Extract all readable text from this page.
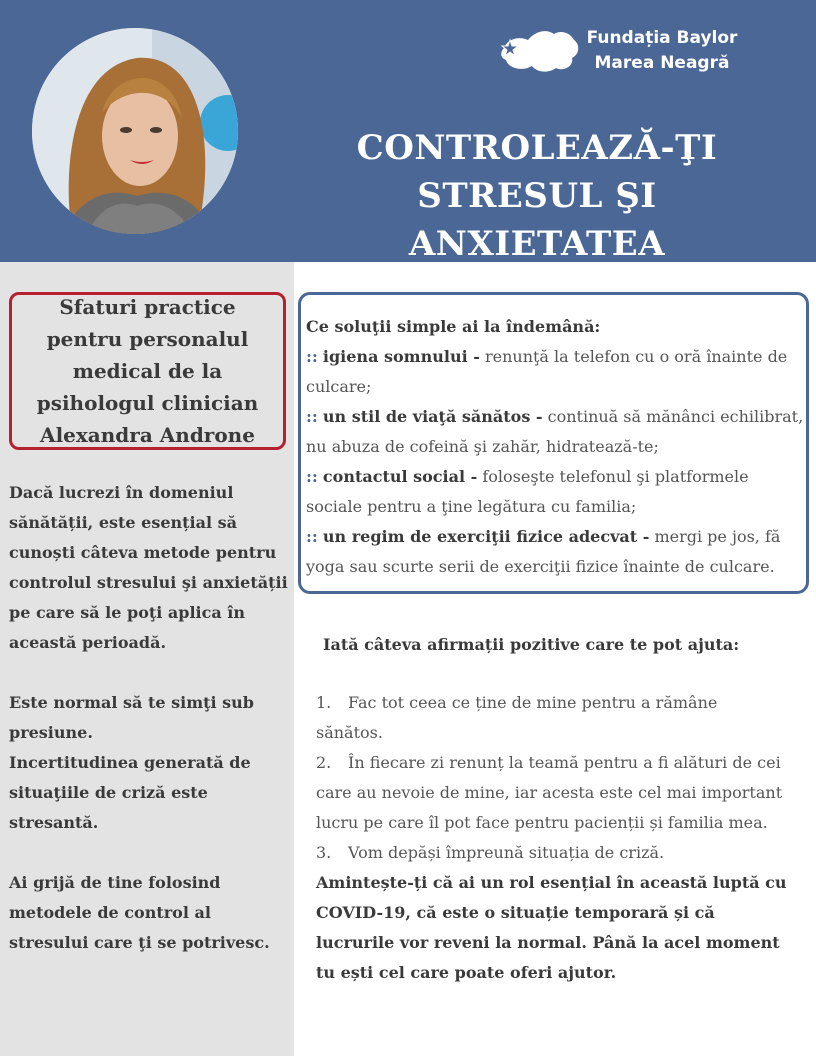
Fundația Baylor
Marea Neagră
CONTROLEAZĂ-ŢI
STRESUL ŞI ANXIETATEA
Sfaturi practice pentru personalul medical de la psihologul clinician Alexandra Androne

Dacă lucrezi în domeniul sănătății, este esențial să cunoști câteva metode pentru controlul stresului şi anxietății pe care să le poţi aplica în această perioadă.

Este normal să te simţi sub presiune.

Incertitudinea generată de situaţiile de criză este stresantă.

Ai grijă de tine folosind metodele de control al stresului care ţi se potrivesc.

Ce soluţii simple ai la îndemână:
:: igiena somnului - renunţă la telefon cu o oră înainte de culcare;
:: un stil de viaţă sănătos - continuă să mănânci echilibrat, nu abuza de cofeină şi zahăr, hidratează-te;
:: contactul social - foloseşte telefonul şi platformele sociale pentru a ţine legătura cu familia;
:: un regim de exerciţii fizice adecvat - mergi pe jos, fă yoga sau scurte serii de exerciţii fizice înainte de culcare.
Iată câteva afirmații pozitive care te pot ajuta:
1. Fac tot ceea ce ține de mine pentru a rămâne sănătos.
2. În fiecare zi renunț la teamă pentru a fi alături de cei care au nevoie de mine, iar acesta este cel mai important lucru pe care îl pot face pentru pacienții și familia mea.
3. Vom depăși împreună situația de criză.
Amintește-ți că ai un rol esențial în această luptă cu COVID-19, că este o situație temporară și că lucrurile vor reveni la normal. Până la acel moment tu ești cel care poate oferi ajutor.
